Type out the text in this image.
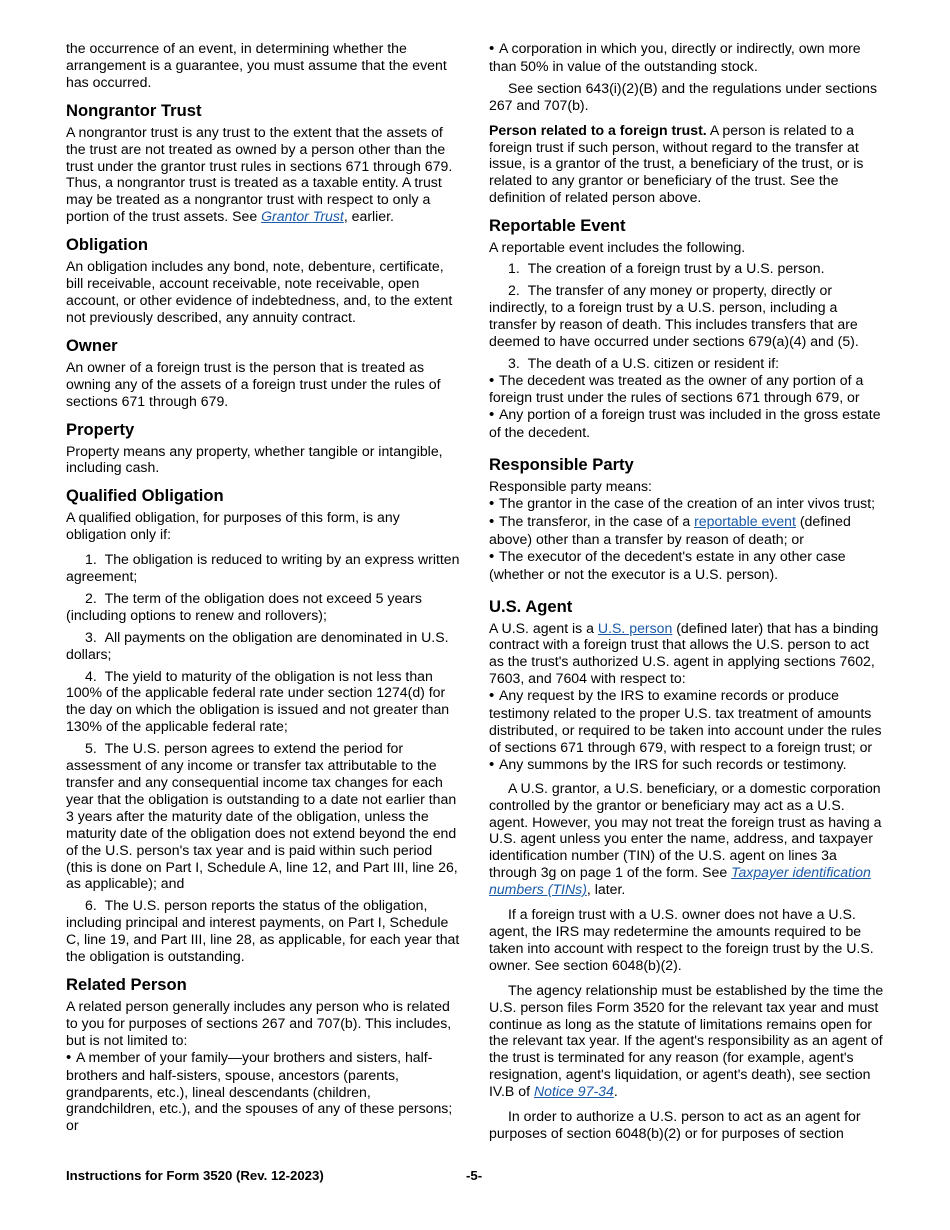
the occurrence of an event, in determining whether the arrangement is a guarantee, you must assume that the event has occurred.

Nongrantor Trust

A nongrantor trust is any trust to the extent that the assets of the trust are not treated as owned by a person other than the trust under the grantor trust rules in sections 671 through 679. Thus, a nongrantor trust is treated as a taxable entity. A trust may be treated as a nongrantor trust with respect to only a portion of the trust assets. See Grantor Trust, earlier.

Obligation

An obligation includes any bond, note, debenture, certificate, bill receivable, account receivable, note receivable, open account, or other evidence of indebtedness, and, to the extent not previously described, any annuity contract.

Owner

An owner of a foreign trust is the person that is treated as owning any of the assets of a foreign trust under the rules of sections 671 through 679.

Property

Property means any property, whether tangible or intangible, including cash.

Qualified Obligation

A qualified obligation, for purposes of this form, is any obligation only if:

1.  The obligation is reduced to writing by an express written agreement;

2.  The term of the obligation does not exceed 5 years (including options to renew and rollovers);

3.  All payments on the obligation are denominated in U.S. dollars;

4.  The yield to maturity of the obligation is not less than 100% of the applicable federal rate under section 1274(d) for the day on which the obligation is issued and not greater than 130% of the applicable federal rate;

5.  The U.S. person agrees to extend the period for assessment of any income or transfer tax attributable to the transfer and any consequential income tax changes for each year that the obligation is outstanding to a date not earlier than 3 years after the maturity date of the obligation, unless the maturity date of the obligation does not extend beyond the end of the U.S. person's tax year and is paid within such period (this is done on Part I, Schedule A, line 12, and Part III, line 26, as applicable); and

6.  The U.S. person reports the status of the obligation, including principal and interest payments, on Part I, Schedule C, line 19, and Part III, line 28, as applicable, for each year that the obligation is outstanding.

Related Person

A related person generally includes any person who is related to you for purposes of sections 267 and 707(b). This includes, but is not limited to:

• A member of your family—your brothers and sisters, half-brothers and half-sisters, spouse, ancestors (parents, grandparents, etc.), lineal descendants (children, grandchildren, etc.), and the spouses of any of these persons; or

• A corporation in which you, directly or indirectly, own more than 50% in value of the outstanding stock.

See section 643(i)(2)(B) and the regulations under sections 267 and 707(b).

Person related to a foreign trust. A person is related to a foreign trust if such person, without regard to the transfer at issue, is a grantor of the trust, a beneficiary of the trust, or is related to any grantor or beneficiary of the trust. See the definition of related person above.

Reportable Event

A reportable event includes the following.

1.  The creation of a foreign trust by a U.S. person.

2.  The transfer of any money or property, directly or indirectly, to a foreign trust by a U.S. person, including a transfer by reason of death. This includes transfers that are deemed to have occurred under sections 679(a)(4) and (5).

3.  The death of a U.S. citizen or resident if:

• The decedent was treated as the owner of any portion of a foreign trust under the rules of sections 671 through 679, or

• Any portion of a foreign trust was included in the gross estate of the decedent.

Responsible Party

Responsible party means:

• The grantor in the case of the creation of an inter vivos trust;

• The transferor, in the case of a reportable event (defined above) other than a transfer by reason of death; or

• The executor of the decedent's estate in any other case (whether or not the executor is a U.S. person).

U.S. Agent

A U.S. agent is a U.S. person (defined later) that has a binding contract with a foreign trust that allows the U.S. person to act as the trust's authorized U.S. agent in applying sections 7602, 7603, and 7604 with respect to:

• Any request by the IRS to examine records or produce testimony related to the proper U.S. tax treatment of amounts distributed, or required to be taken into account under the rules of sections 671 through 679, with respect to a foreign trust; or

• Any summons by the IRS for such records or testimony.

A U.S. grantor, a U.S. beneficiary, or a domestic corporation controlled by the grantor or beneficiary may act as a U.S. agent. However, you may not treat the foreign trust as having a U.S. agent unless you enter the name, address, and taxpayer identification number (TIN) of the U.S. agent on lines 3a through 3g on page 1 of the form. See Taxpayer identification numbers (TINs), later.

If a foreign trust with a U.S. owner does not have a U.S. agent, the IRS may redetermine the amounts required to be taken into account with respect to the foreign trust by the U.S. owner. See section 6048(b)(2).

The agency relationship must be established by the time the U.S. person files Form 3520 for the relevant tax year and must continue as long as the statute of limitations remains open for the relevant tax year. If the agent's responsibility as an agent of the trust is terminated for any reason (for example, agent's resignation, agent's liquidation, or agent's death), see section IV.B of Notice 97-34.

In order to authorize a U.S. person to act as an agent for purposes of section 6048(b)(2) or for purposes of section

Instructions for Form 3520 (Rev. 12-2023)	-5-
